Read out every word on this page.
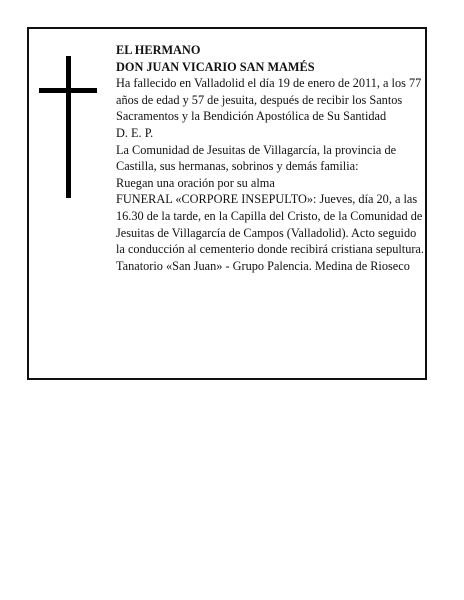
EL HERMANO

DON JUAN VICARIO SAN MAMÉS

Ha fallecido en Valladolid el día 19 de enero de 2011, a los 77 años de edad y 57 de jesuita, después de recibir los Santos Sacramentos y la Bendición Apostólica de Su Santidad

D. E. P.

La Comunidad de Jesuitas de Villagarcía, la provincia de Castilla, sus hermanas, sobrinos y demás familia:

Ruegan una oración por su alma

FUNERAL «CORPORE INSEPULTO»: Jueves, día 20, a las 16.30 de la tarde, en la Capilla del Cristo, de la Comunidad de Jesuitas de Villagarcía de Campos (Valladolid). Acto seguido la conducción al cementerio donde recibirá cristiana sepultura.

Tanatorio «San Juan» - Grupo Palencia. Medina de Rioseco
